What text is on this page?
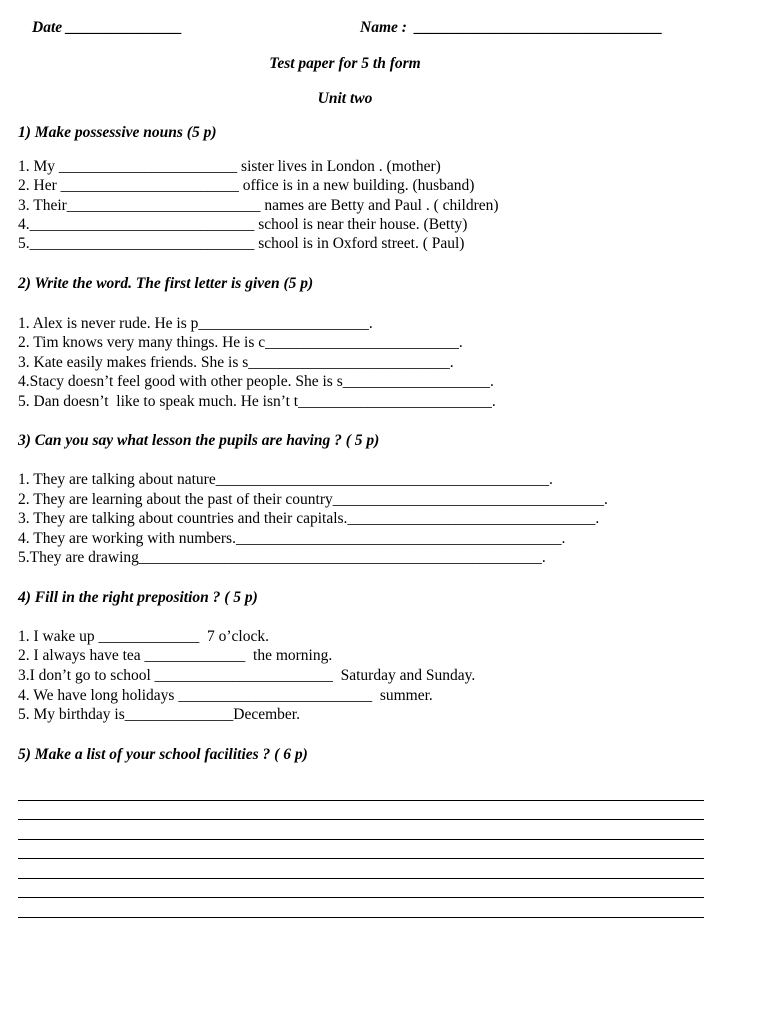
Date _______________	Name :  ________________________________
Test paper for 5 th form
Unit two
1) Make possessive nouns (5 p)
1. My _______________________ sister lives in London . (mother)
2. Her _______________________ office is in a new building. (husband)
3. Their_________________________ names are Betty and Paul . ( children)
4._____________________________ school is near their house. (Betty)
5._____________________________ school is in Oxford street. ( Paul)
2) Write the word. The first letter is given (5 p)
1. Alex is never rude. He is p______________________.
2. Tim knows very many things. He is c_________________________.
3. Kate easily makes friends. She is s__________________________.
4.Stacy doesn’t feel good with other people. She is s___________________.
5. Dan doesn’t  like to speak much. He isn’t t_________________________.
3) Can you say what lesson the pupils are having ? ( 5 p)
1. They are talking about nature___________________________________________.
2. They are learning about the past of their country___________________________________.
3. They are talking about countries and their capitals.________________________________.
4. They are working with numbers.__________________________________________.
5.They are drawing____________________________________________________.
4) Fill in the right preposition ? ( 5 p)
1. I wake up _____________  7 o’clock.
2. I always have tea _____________  the morning.
3.I don’t go to school _______________________  Saturday and Sunday.
4. We have long holidays _________________________  summer.
5. My birthday is______________December.
5) Make a list of your school facilities ? ( 6 p)
